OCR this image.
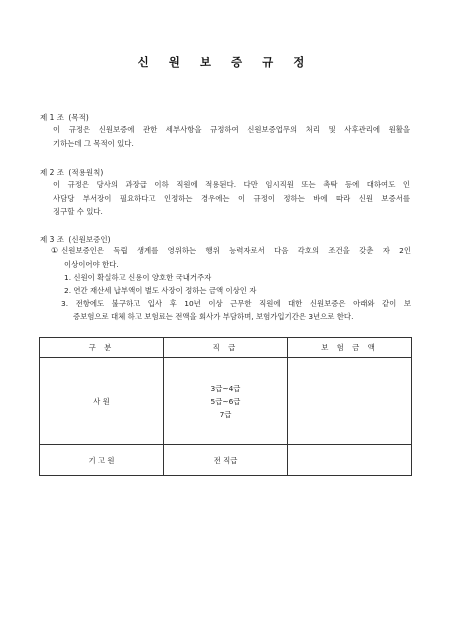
신 원 보 증 규 정
제 1 조 (목적)
이 규정은 신원보증에 관한 세부사항을 규정하여 신원보증업무의 처리 및 사후관리에 원활을
기하는데 그 목적이 있다.
제 2 조 (적용원칙)
이 규정은 당사의 과장급 이하 직원에 적용된다. 다만 임시직원 또는 촉탁 등에 대하여도 인
사담당 부서장이 필요하다고 인정하는 경우에는 이 규정이 정하는 바에 따라 신원 보증서를
징구할 수 있다.
제 3 조 (신원보증인)
① 신원보증인은 독립 생계를 영위하는 행위 능력자로서 다음 각호의 조건을 갖춘 자 2인
이상이어야 한다.
1. 신원이 확실하고 신용이 양호한 국내거주자
2. 연간 재산세 납부액이 별도 사장이 정하는 금액 이상인 자
3. 전항에도 불구하고 입사 후 10년 이상 근무한 직원에 대한 신원보증은 아래와 같이 보
증보험으로 대체 하고 보험료는 전액을 회사가 부담하며, 보험가입기간은 3년으로 한다.
구 분	직 급	보 험 금 액
사 원	3급~4급
5급~6급
7급	

기 고 원	전 직급	
